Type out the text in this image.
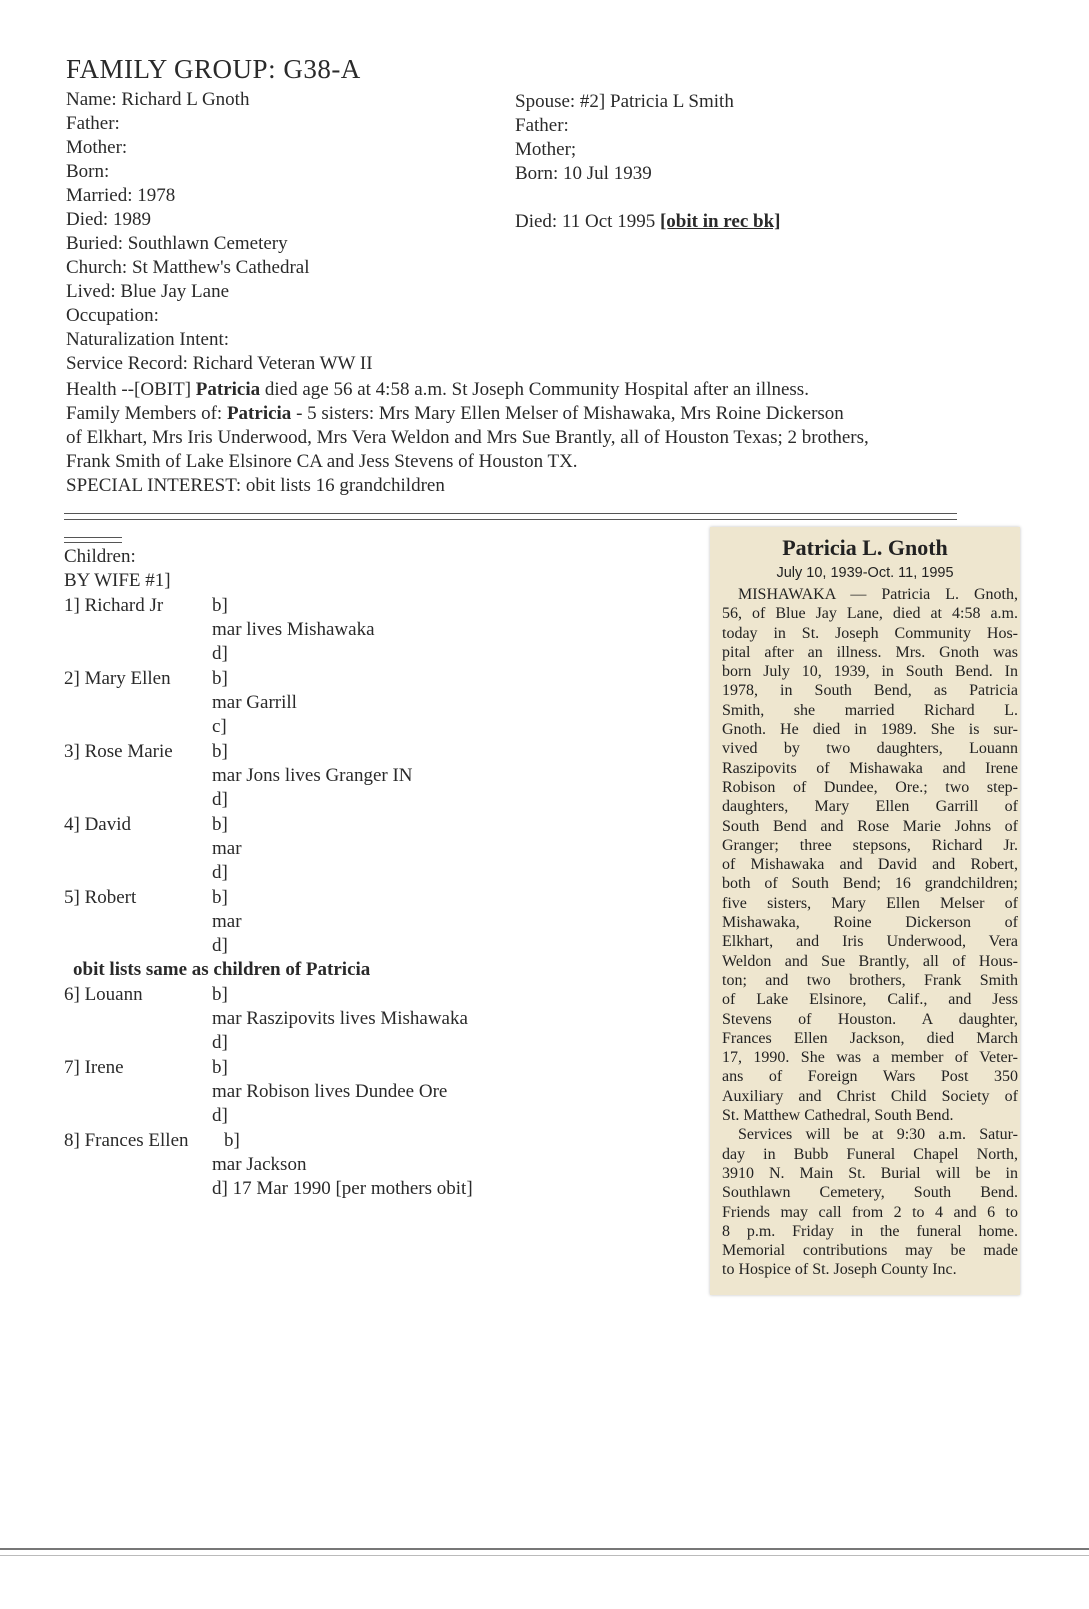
FAMILY GROUP: G38-A
Name: Richard L Gnoth
Father:
Mother:
Born:
Married: 1978
Died: 1989
Buried: Southlawn Cemetery
Church: St Matthew's Cathedral
Lived: Blue Jay Lane
Occupation:
Naturalization Intent:
Service Record: Richard Veteran WW II
Spouse: #2] Patricia L Smith
Father:
Mother;
Born: 10 Jul 1939
Died: 11 Oct 1995 [obit in rec bk]
Health --[OBIT] Patricia died age 56 at 4:58 a.m. St Joseph Community Hospital after an illness.
Family Members of: Patricia - 5 sisters: Mrs Mary Ellen Melser of Mishawaka, Mrs Roine Dickerson
of Elkhart, Mrs Iris Underwood, Mrs Vera Weldon and Mrs Sue Brantly, all of Houston Texas; 2 brothers,
Frank Smith of Lake Elsinore CA and Jess Stevens of Houston TX.
SPECIAL INTEREST: obit lists 16 grandchildren
Children:
BY WIFE #1]
1] Richard Jr	b]
mar lives Mishawaka
d]
2] Mary Ellen b]
mar Garrill
c]
3] Rose Marie b]
mar Jons lives Granger IN
d]
4] David	b]
mar
d]
5] Robert	b]
mar
d]
obit lists same as children of Patricia
6] Louann	b]
mar Raszipovits lives Mishawaka
d]
7] Irene	b]
mar Robison lives Dundee Ore
d]
8] Frances Ellen b]
mar Jackson
d] 17 Mar 1990 [per mothers obit]
Patricia L. Gnoth
July 10, 1939-Oct. 11, 1995
MISHAWAKA — Patricia L. Gnoth,
56, of Blue Jay Lane, died at 4:58 a.m.
today in St. Joseph Community Hos-
pital after an illness. Mrs. Gnoth was
born July 10, 1939, in South Bend. In
1978, in South Bend, as Patricia
Smith, she married Richard L.
Gnoth. He died in 1989. She is sur-
vived by two daughters, Louann
Raszipovits of Mishawaka and Irene
Robison of Dundee, Ore.; two step-
daughters, Mary Ellen Garrill of
South Bend and Rose Marie Johns of
Granger; three stepsons, Richard Jr.
of Mishawaka and David and Robert,
both of South Bend; 16 grandchildren;
five sisters, Mary Ellen Melser of
Mishawaka, Roine Dickerson of
Elkhart, and Iris Underwood, Vera
Weldon and Sue Brantly, all of Hous-
ton; and two brothers, Frank Smith
of Lake Elsinore, Calif., and Jess
Stevens of Houston. A daughter,
Frances Ellen Jackson, died March
17, 1990. She was a member of Veter-
ans of Foreign Wars Post 350
Auxiliary and Christ Child Society of
St. Matthew Cathedral, South Bend.
Services will be at 9:30 a.m. Satur-
day in Bubb Funeral Chapel North,
3910 N. Main St. Burial will be in
Southlawn Cemetery, South Bend.
Friends may call from 2 to 4 and 6 to
8 p.m. Friday in the funeral home.
Memorial contributions may be made
to Hospice of St. Joseph County Inc.
